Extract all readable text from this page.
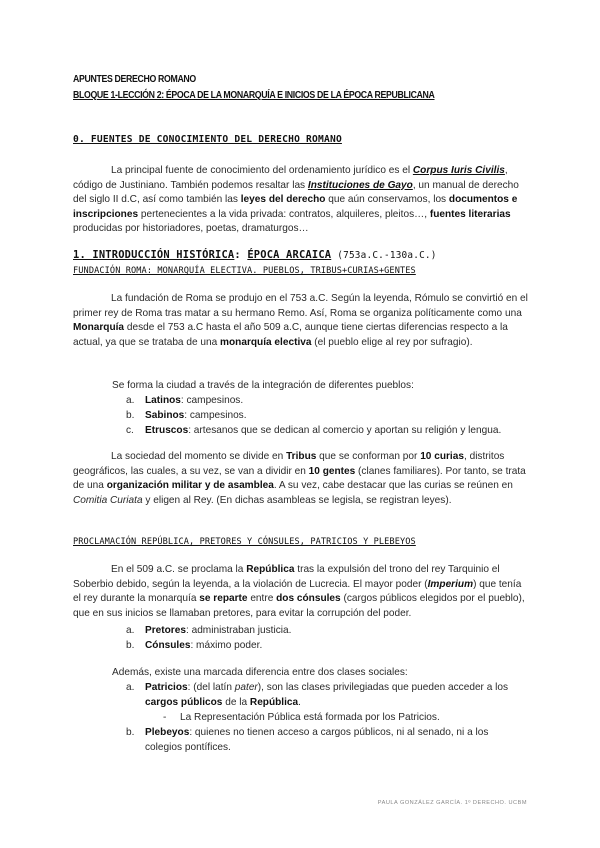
APUNTES DERECHO ROMANO
BLOQUE 1-LECCIÓN 2: ÉPOCA DE LA MONARQUÍA E INICIOS DE LA ÉPOCA REPUBLICANA
0. FUENTES DE CONOCIMIENTO DEL DERECHO ROMANO
La principal fuente de conocimiento del ordenamiento jurídico es el Corpus Iuris Civilis, código de Justiniano. También podemos resaltar las Instituciones de Gayo, un manual de derecho del siglo II d.C, así como también las leyes del derecho que aún conservamos, los documentos e inscripciones pertenecientes a la vida privada: contratos, alquileres, pleitos…, fuentes literarias producidas por historiadores, poetas, dramaturgos…
1. INTRODUCCIÓN HISTÓRICA: ÉPOCA ARCAICA (753a.C.-130a.C.)
FUNDACIÓN ROMA: MONARQUÍA ELECTIVA. PUEBLOS, TRIBUS+CURIAS+GENTES
La fundación de Roma se produjo en el 753 a.C. Según la leyenda, Rómulo se convirtió en el primer rey de Roma tras matar a su hermano Remo. Así, Roma se organiza políticamente como una Monarquía desde el 753 a.C hasta el año 509 a.C, aunque tiene ciertas diferencias respecto a la actual, ya que se trataba de una monarquía electiva (el pueblo elige al rey por sufragio).
Se forma la ciudad a través de la integración de diferentes pueblos:
a.	Latinos: campesinos.
b.	Sabinos: campesinos.
c.	Etruscos: artesanos que se dedican al comercio y aportan su religión y lengua.
La sociedad del momento se divide en Tribus que se conforman por 10 curias, distritos geográficos, las cuales, a su vez, se van a dividir en 10 gentes (clanes familiares). Por tanto, se trata de una organización militar y de asamblea. A su vez, cabe destacar que las curias se reúnen en Comitia Curiata y eligen al Rey. (En dichas asambleas se legisla, se registran leyes).
PROCLAMACIÓN REPÚBLICA, PRETORES Y CÓNSULES, PATRICIOS Y PLEBEYOS
En el 509 a.C. se proclama la República tras la expulsión del trono del rey Tarquinio el Soberbio debido, según la leyenda, a la violación de Lucrecia. El mayor poder (Imperium) que tenía el rey durante la monarquía se reparte entre dos cónsules (cargos públicos elegidos por el pueblo), que en sus inicios se llamaban pretores, para evitar la corrupción del poder.
a.	Pretores: administraban justicia.
b.	Cónsules: máximo poder.
Además, existe una marcada diferencia entre dos clases sociales:
a.	Patricios: (del latín pater), son las clases privilegiadas que pueden acceder a los cargos públicos de la República.
- La Representación Pública está formada por los Patricios.
b.	Plebeyos: quienes no tienen acceso a cargos públicos, ni al senado, ni a los colegios pontífices.
PAULA GONZÁLEZ GARCÍA. 1º DERECHO. UCBM
